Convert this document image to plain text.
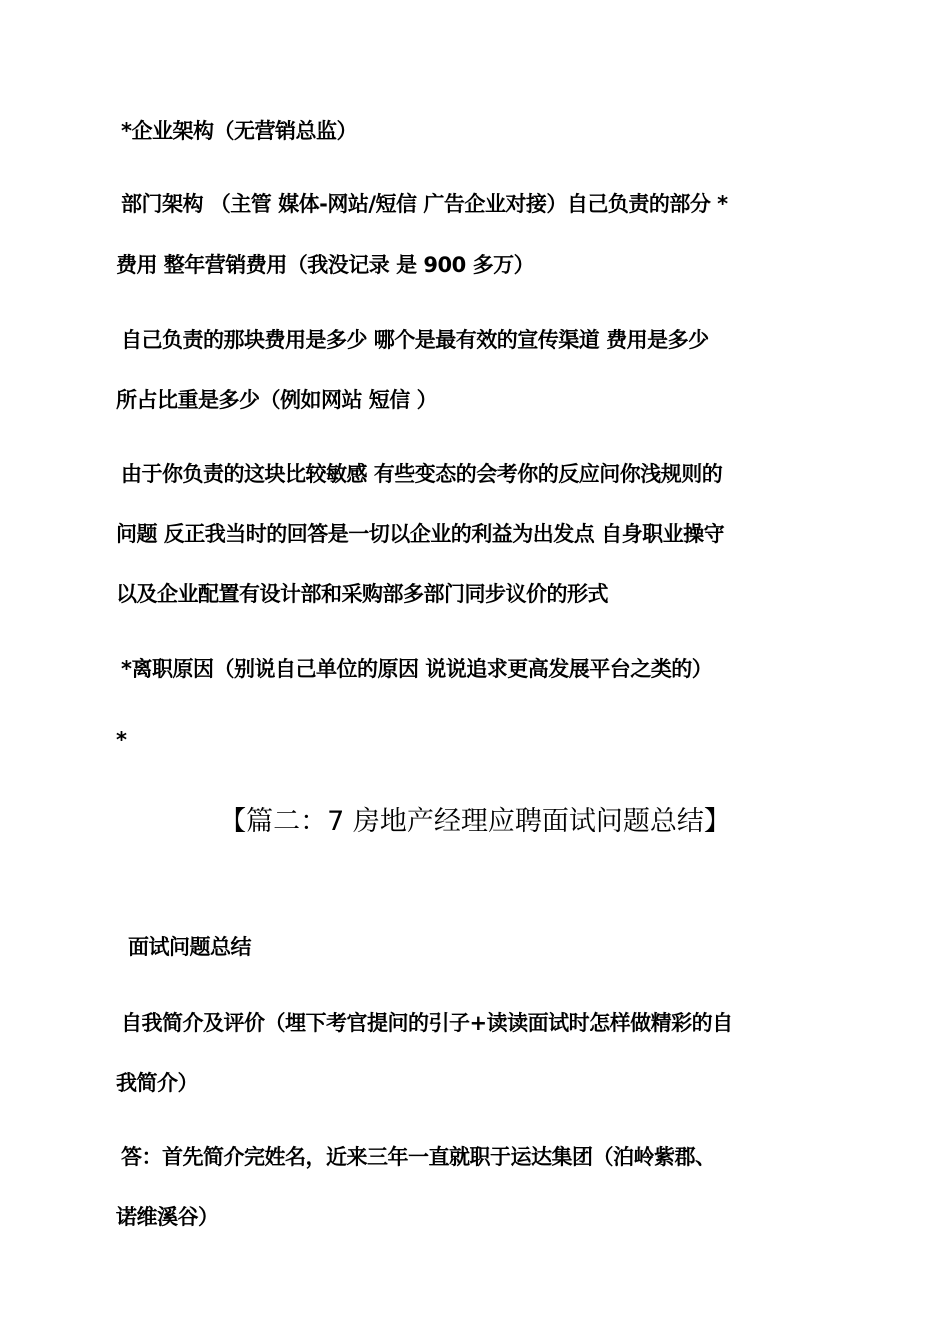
*企业架构（无营销总监）
部门架构 （主管 媒体-网站/短信 广告企业对接）自己负责的部分 *
费用 整年营销费用（我没记录 是 900 多万）
自己负责的那块费用是多少 哪个是最有效的宣传渠道 费用是多少
所占比重是多少（例如网站 短信 ）
由于你负责的这块比较敏感 有些变态的会考你的反应问你浅规则的
问题 反正我当时的回答是一切以企业的利益为出发点 自身职业操守
以及企业配置有设计部和采购部多部门同步议价的形式
*离职原因（别说自己单位的原因 说说追求更高发展平台之类的）
*
【篇二：7 房地产经理应聘面试问题总结】
面试问题总结
自我简介及评价（埋下考官提问的引子+读读面试时怎样做精彩的自
我简介）
答：首先简介完姓名，近来三年一直就职于运达集团（泊岭紫郡、
诺维溪谷）
